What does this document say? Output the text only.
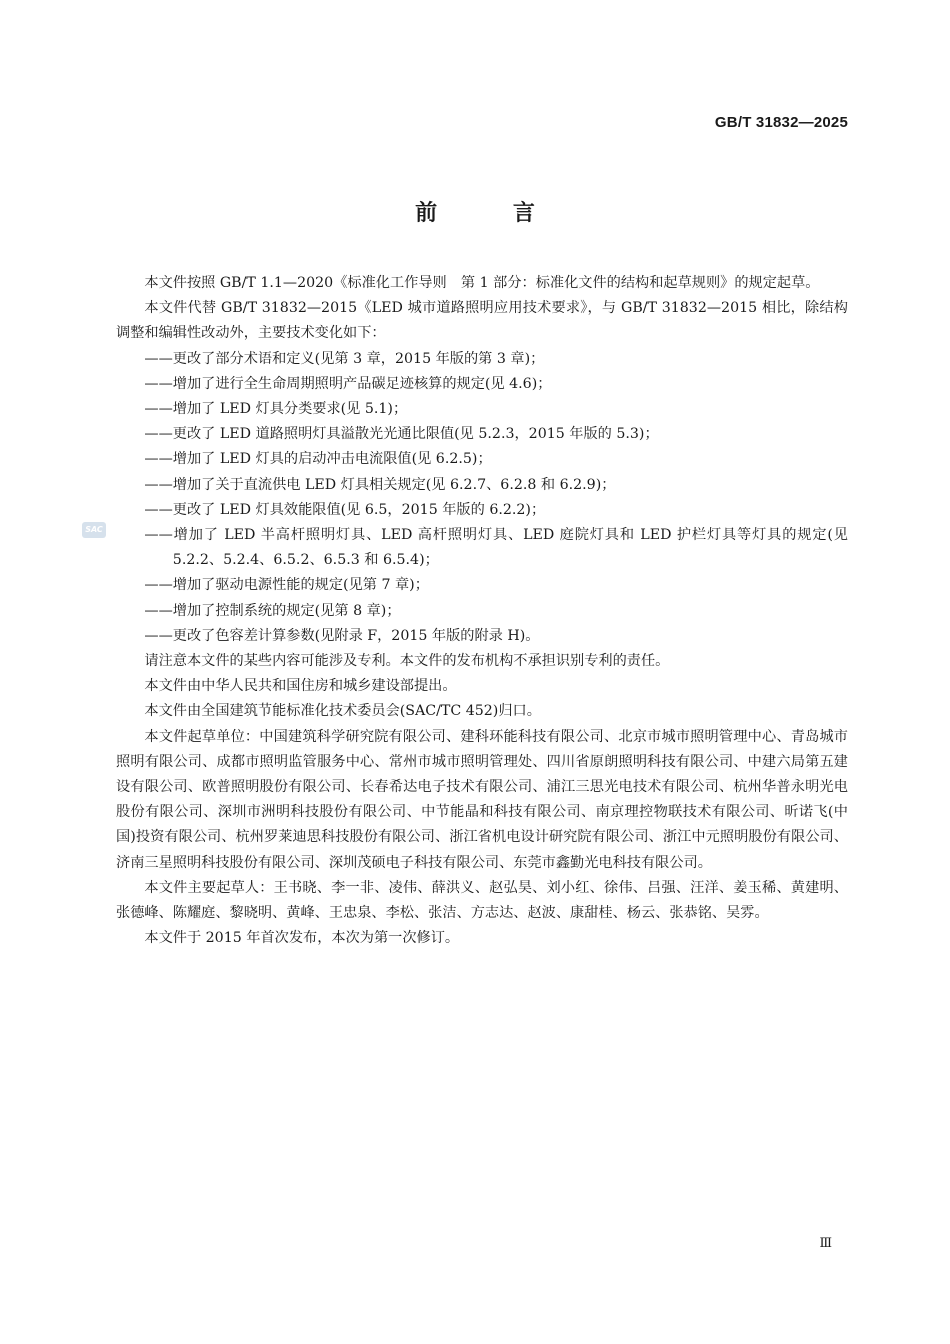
GB/T 31832—2025
前 言
SAC

本文件按照 GB/T 1.1—2020《标准化工作导则　第 1 部分：标准化文件的结构和起草规则》的规定起草。

本文件代替 GB/T 31832—2015《LED 城市道路照明应用技术要求》，与 GB/T 31832—2015 相比，除结构调整和编辑性改动外，主要技术变化如下：

——更改了部分术语和定义(见第 3 章，2015 年版的第 3 章)；

——增加了进行全生命周期照明产品碳足迹核算的规定(见 4.6)；

——增加了 LED 灯具分类要求(见 5.1)；

——更改了 LED 道路照明灯具溢散光光通比限值(见 5.2.3，2015 年版的 5.3)；

——增加了 LED 灯具的启动冲击电流限值(见 6.2.5)；

——增加了关于直流供电 LED 灯具相关规定(见 6.2.7、6.2.8 和 6.2.9)；

——更改了 LED 灯具效能限值(见 6.5，2015 年版的 6.2.2)；

——增加了 LED 半高杆照明灯具、LED 高杆照明灯具、LED 庭院灯具和 LED 护栏灯具等灯具的规定(见 5.2.2、5.2.4、6.5.2、6.5.3 和 6.5.4)；

——增加了驱动电源性能的规定(见第 7 章)；

——增加了控制系统的规定(见第 8 章)；

——更改了色容差计算参数(见附录 F，2015 年版的附录 H)。

请注意本文件的某些内容可能涉及专利。本文件的发布机构不承担识别专利的责任。

本文件由中华人民共和国住房和城乡建设部提出。

本文件由全国建筑节能标准化技术委员会(SAC/TC 452)归口。

本文件起草单位：中国建筑科学研究院有限公司、建科环能科技有限公司、北京市城市照明管理中心、青岛城市照明有限公司、成都市照明监管服务中心、常州市城市照明管理处、四川省原朗照明科技有限公司、中建六局第五建设有限公司、欧普照明股份有限公司、长春希达电子技术有限公司、浦江三思光电技术有限公司、杭州华普永明光电股份有限公司、深圳市洲明科技股份有限公司、中节能晶和科技有限公司、南京理控物联技术有限公司、昕诺飞(中国)投资有限公司、杭州罗莱迪思科技股份有限公司、浙江省机电设计研究院有限公司、浙江中元照明股份有限公司、济南三星照明科技股份有限公司、深圳茂硕电子科技有限公司、东莞市鑫勤光电科技有限公司。

本文件主要起草人：王书晓、李一非、凌伟、薛洪义、赵弘昊、刘小红、徐伟、吕强、汪洋、姜玉稀、黄建明、张德峰、陈耀庭、黎晓明、黄峰、王忠泉、李松、张洁、方志达、赵波、康甜桂、杨云、张恭铭、吴雰。

本文件于 2015 年首次发布，本次为第一次修订。

Ⅲ
